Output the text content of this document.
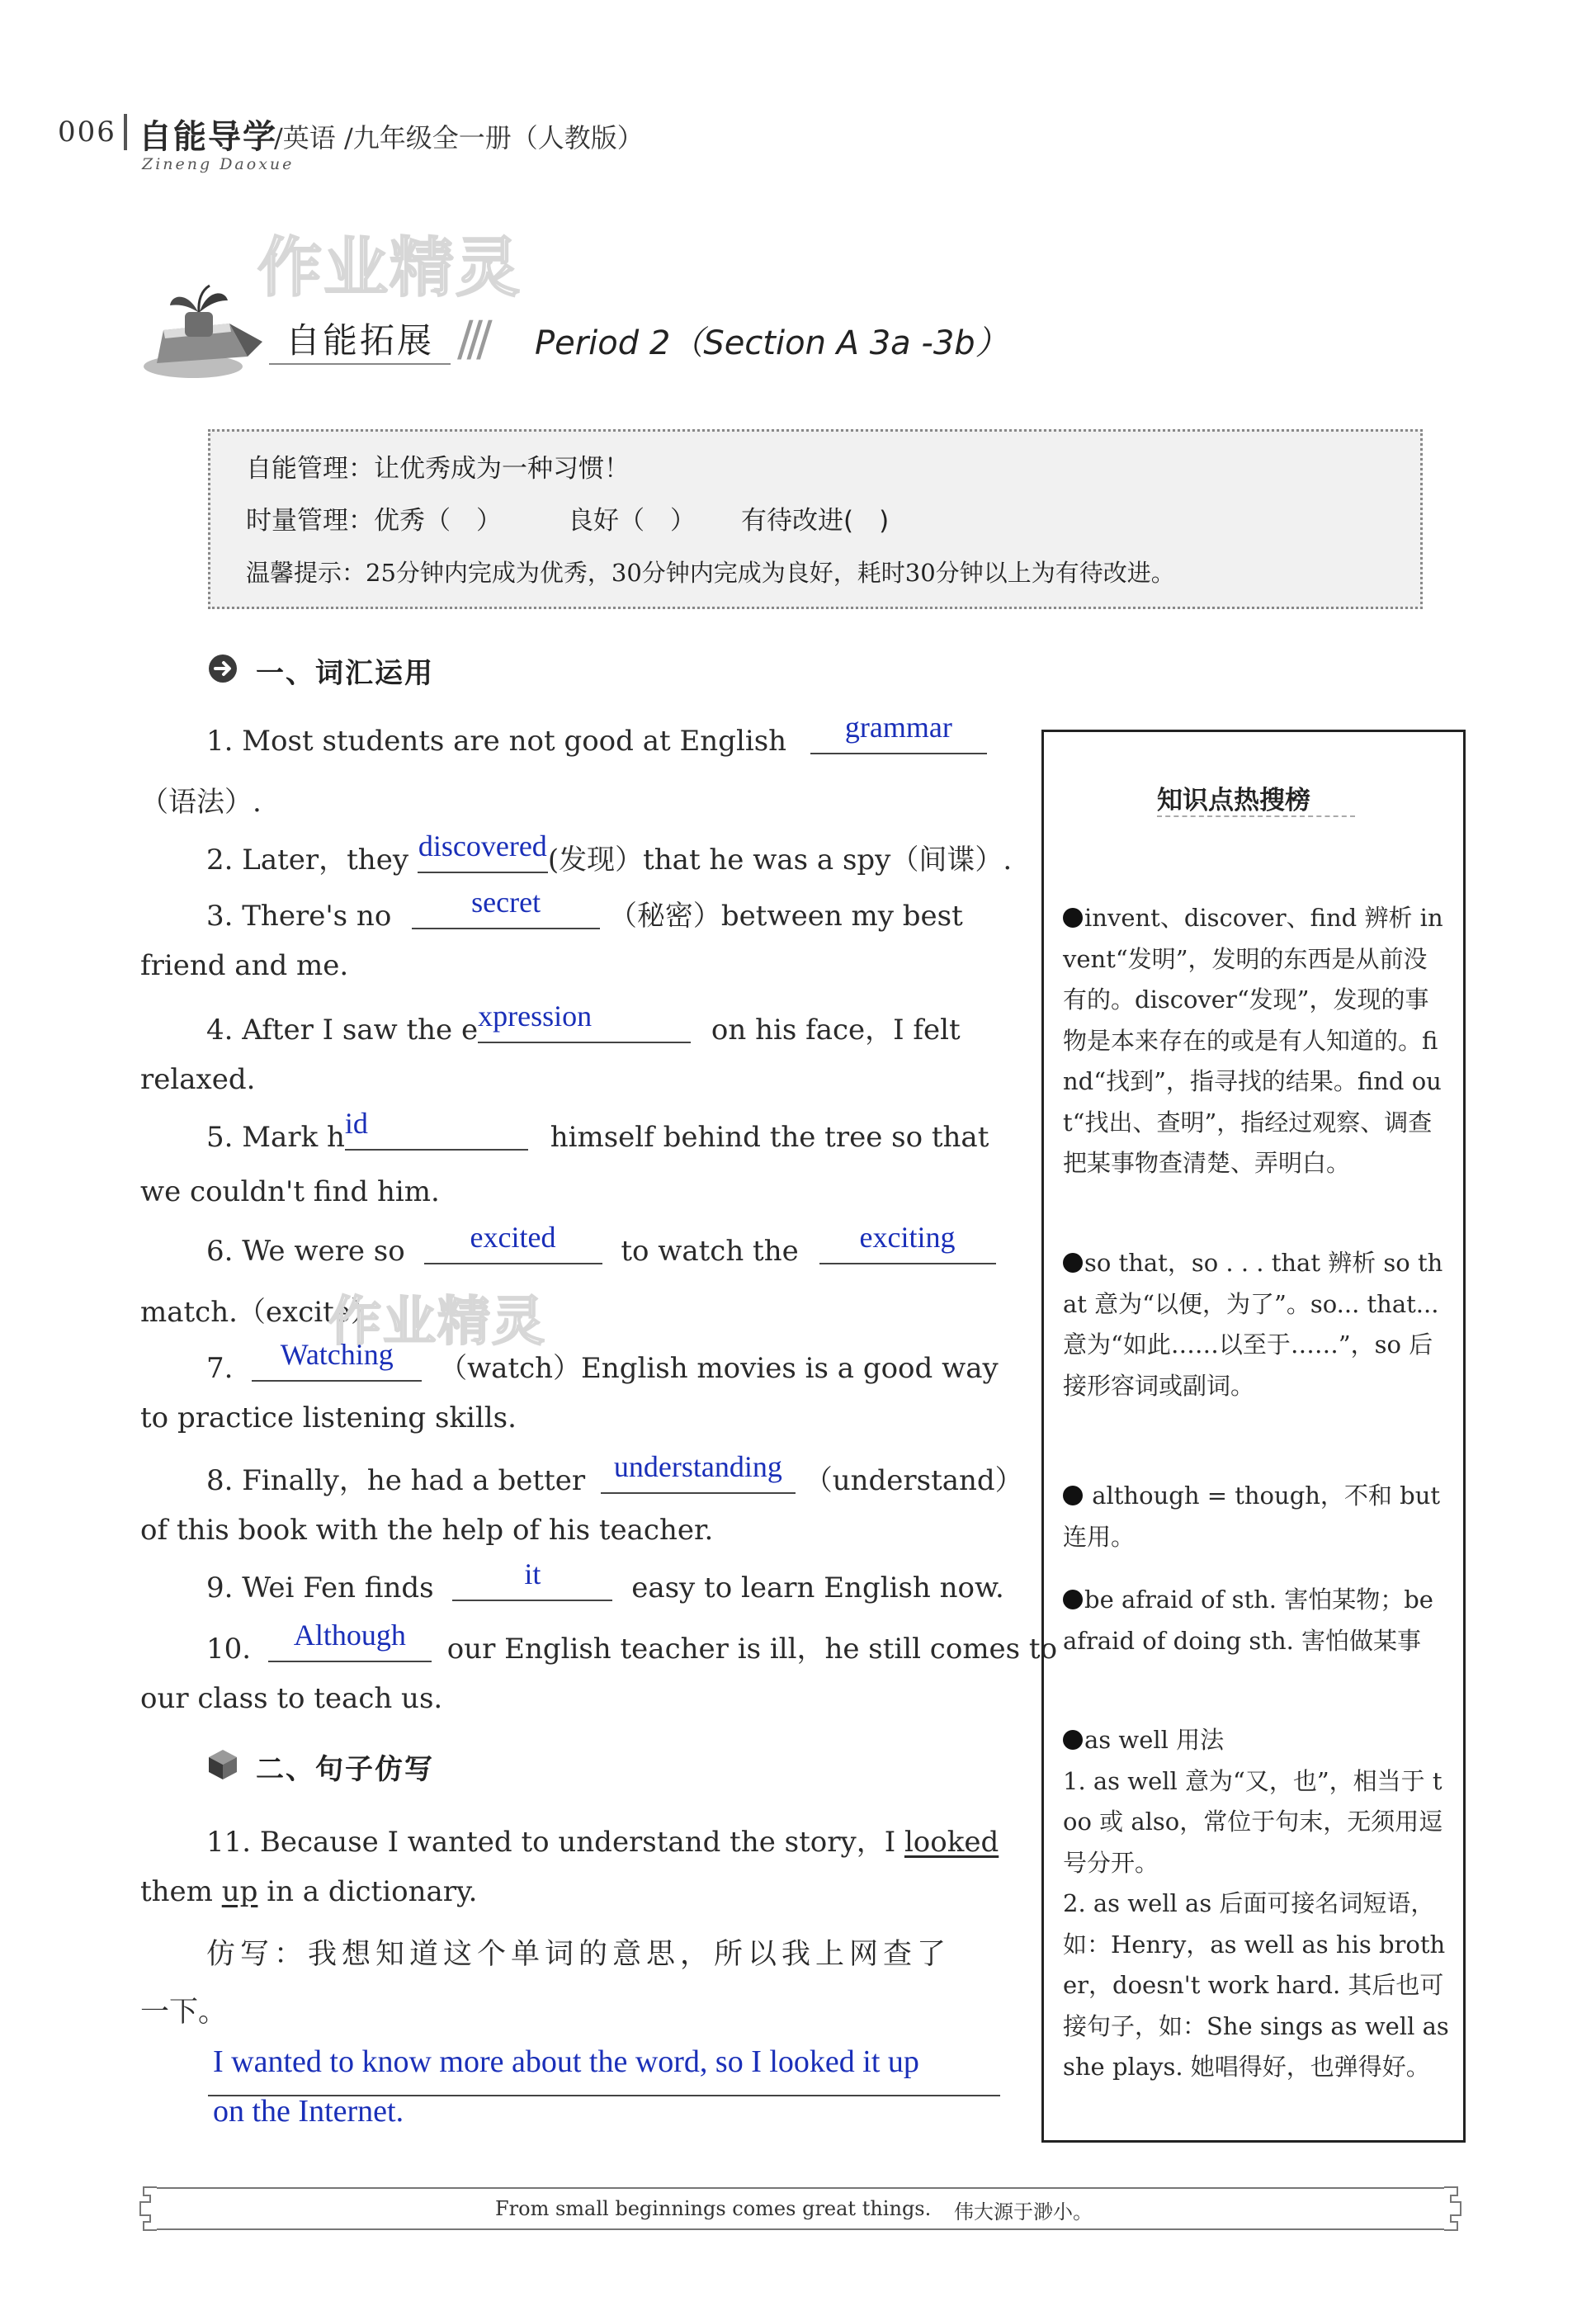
006 自能导学
/英语 /九年级全一册（人教版）
Zineng Daoxue
作业精灵
自能拓展 /// Period 2（Section A 3a -3b）
自能管理：让优秀成为一种习惯！
时量管理：优秀（　）	良好（　） 有待改进(　)
温馨提示：25分钟内完成为优秀，30分钟内完成为良好，耗时30分钟以上为有待改进。
一、词汇运用
1. Most students are not good at English grammar
（语法）.
2. Later，they discovered(发现）that he was a spy（间谍）.
3. There's no	secret （秘密）between my best
friend and me.
4. After I saw the expression	on his face，I felt
relaxed.
5. Mark hid	himself behind the tree so that
we couldn't find him.
6. We were so excited to watch the exciting
match.（excite）
作业精灵
7. Watching （watch）English movies is a good way
to practice listening skills.
8. Finally，he had a better understanding （understand）
of this book with the help of his teacher.
9. Wei Fen finds	it	easy to learn English now.
10. Although our English teacher is ill，he still comes to
our class to teach us.
二、句子仿写
11. Because I wanted to understand the story，I looked
them up in a dictionary.
仿写：我想知道这个单词的意思，所以我上网查了
一下。
I wanted to know more about the word, so I looked it up
on the Internet.
知识点热搜榜
invent、discover、find 辨析 invent“发明”，发明的东西是从前没有的。discover“发现”，发现的事物是本来存在的或是有人知道的。find“找到”，指寻找的结果。find out“找出、查明”，指经过观察、调查把某事物查清楚、弄明白。
so that，so . . . that 辨析 so that 意为“以便，为了”。so... that... 意为“如此……以至于……”，so 后接形容词或副词。
although = though，不和 but 连用。
be afraid of sth. 害怕某物；be afraid of doing sth. 害怕做某事
as well 用法
1. as well 意为“又，也”，相当于 too 或 also，常位于句末，无须用逗号分开。
2. as well as 后面可接名词短语，如：Henry，as well as his brother，doesn't work hard. 其后也可接句子，如：She sings as well as she plays. 她唱得好，也弹得好。
From small beginnings comes great things. 伟大源于渺小。
